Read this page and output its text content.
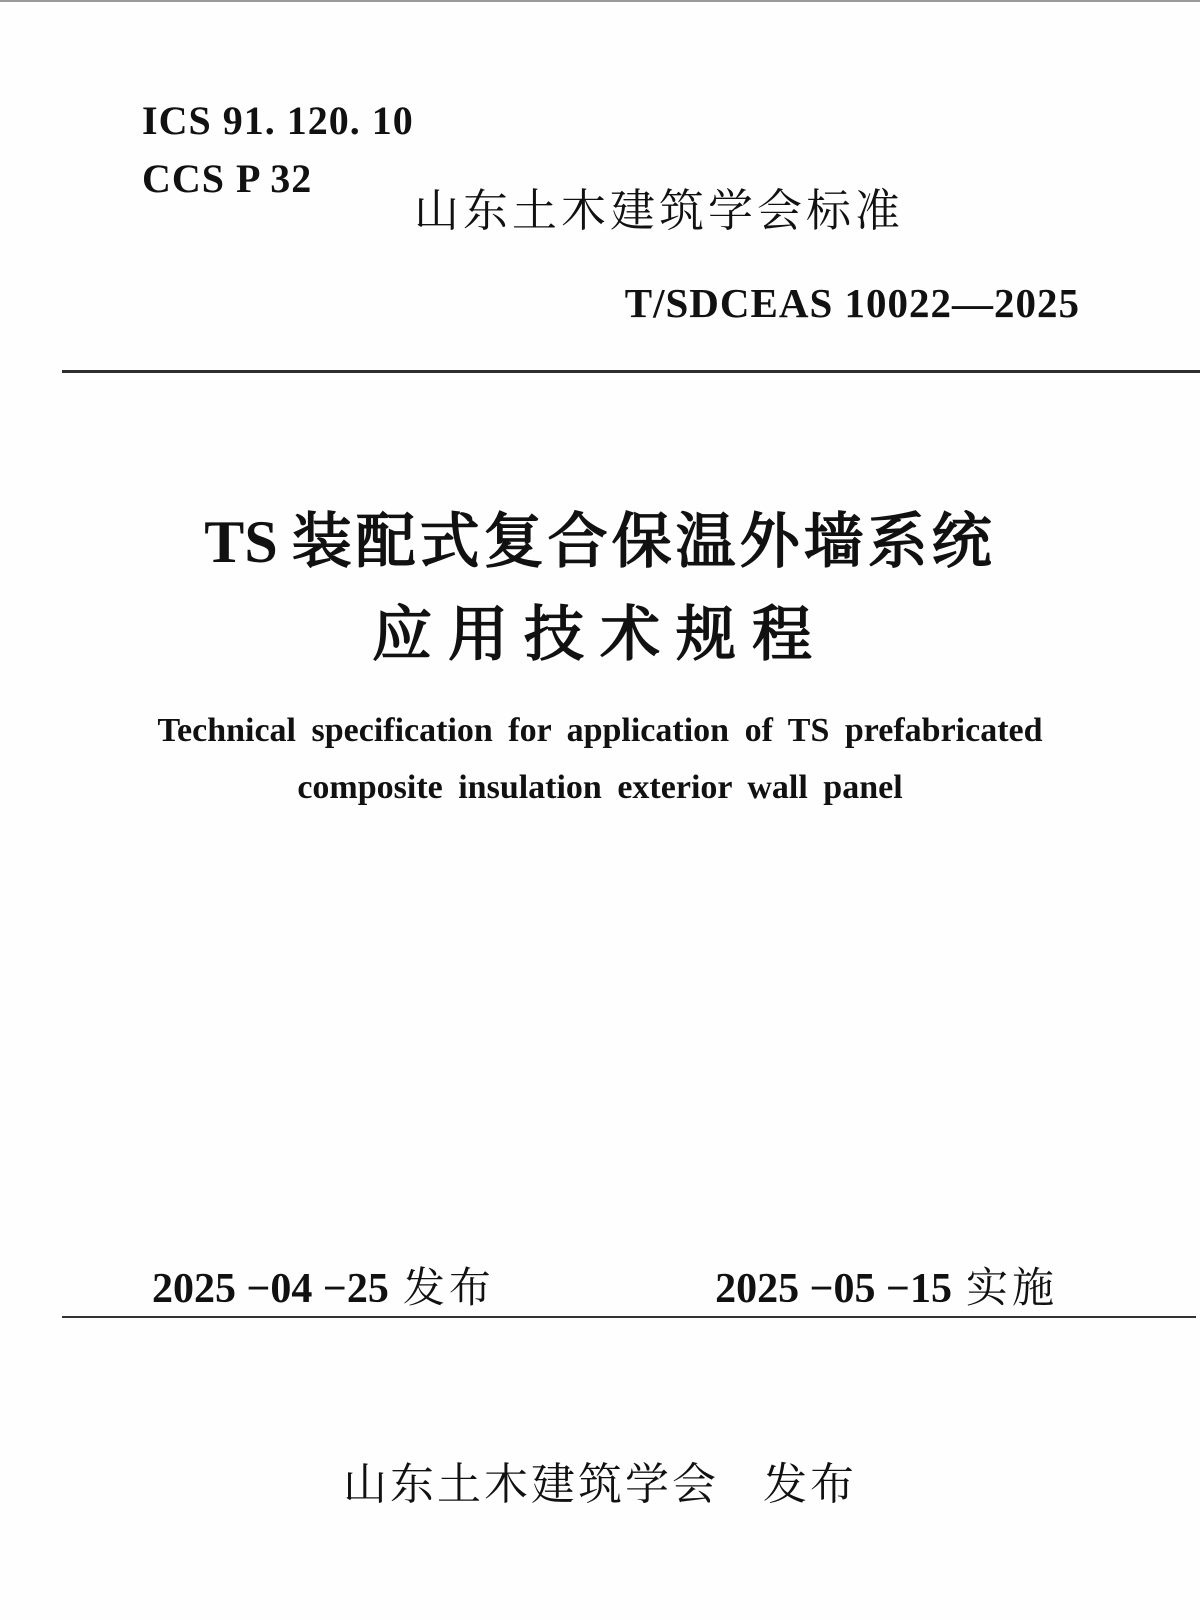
ICS 91. 120. 10
CCS P 32
山东土木建筑学会标准
T/SDCEAS 10022—2025
TS 装配式复合保温外墙系统
应用技术规程
Technical specification for application of TS prefabricated
composite insulation exterior wall panel
2025 −04 −25 发布	2025 −05 −15 实施
山东土木建筑学会 发布
